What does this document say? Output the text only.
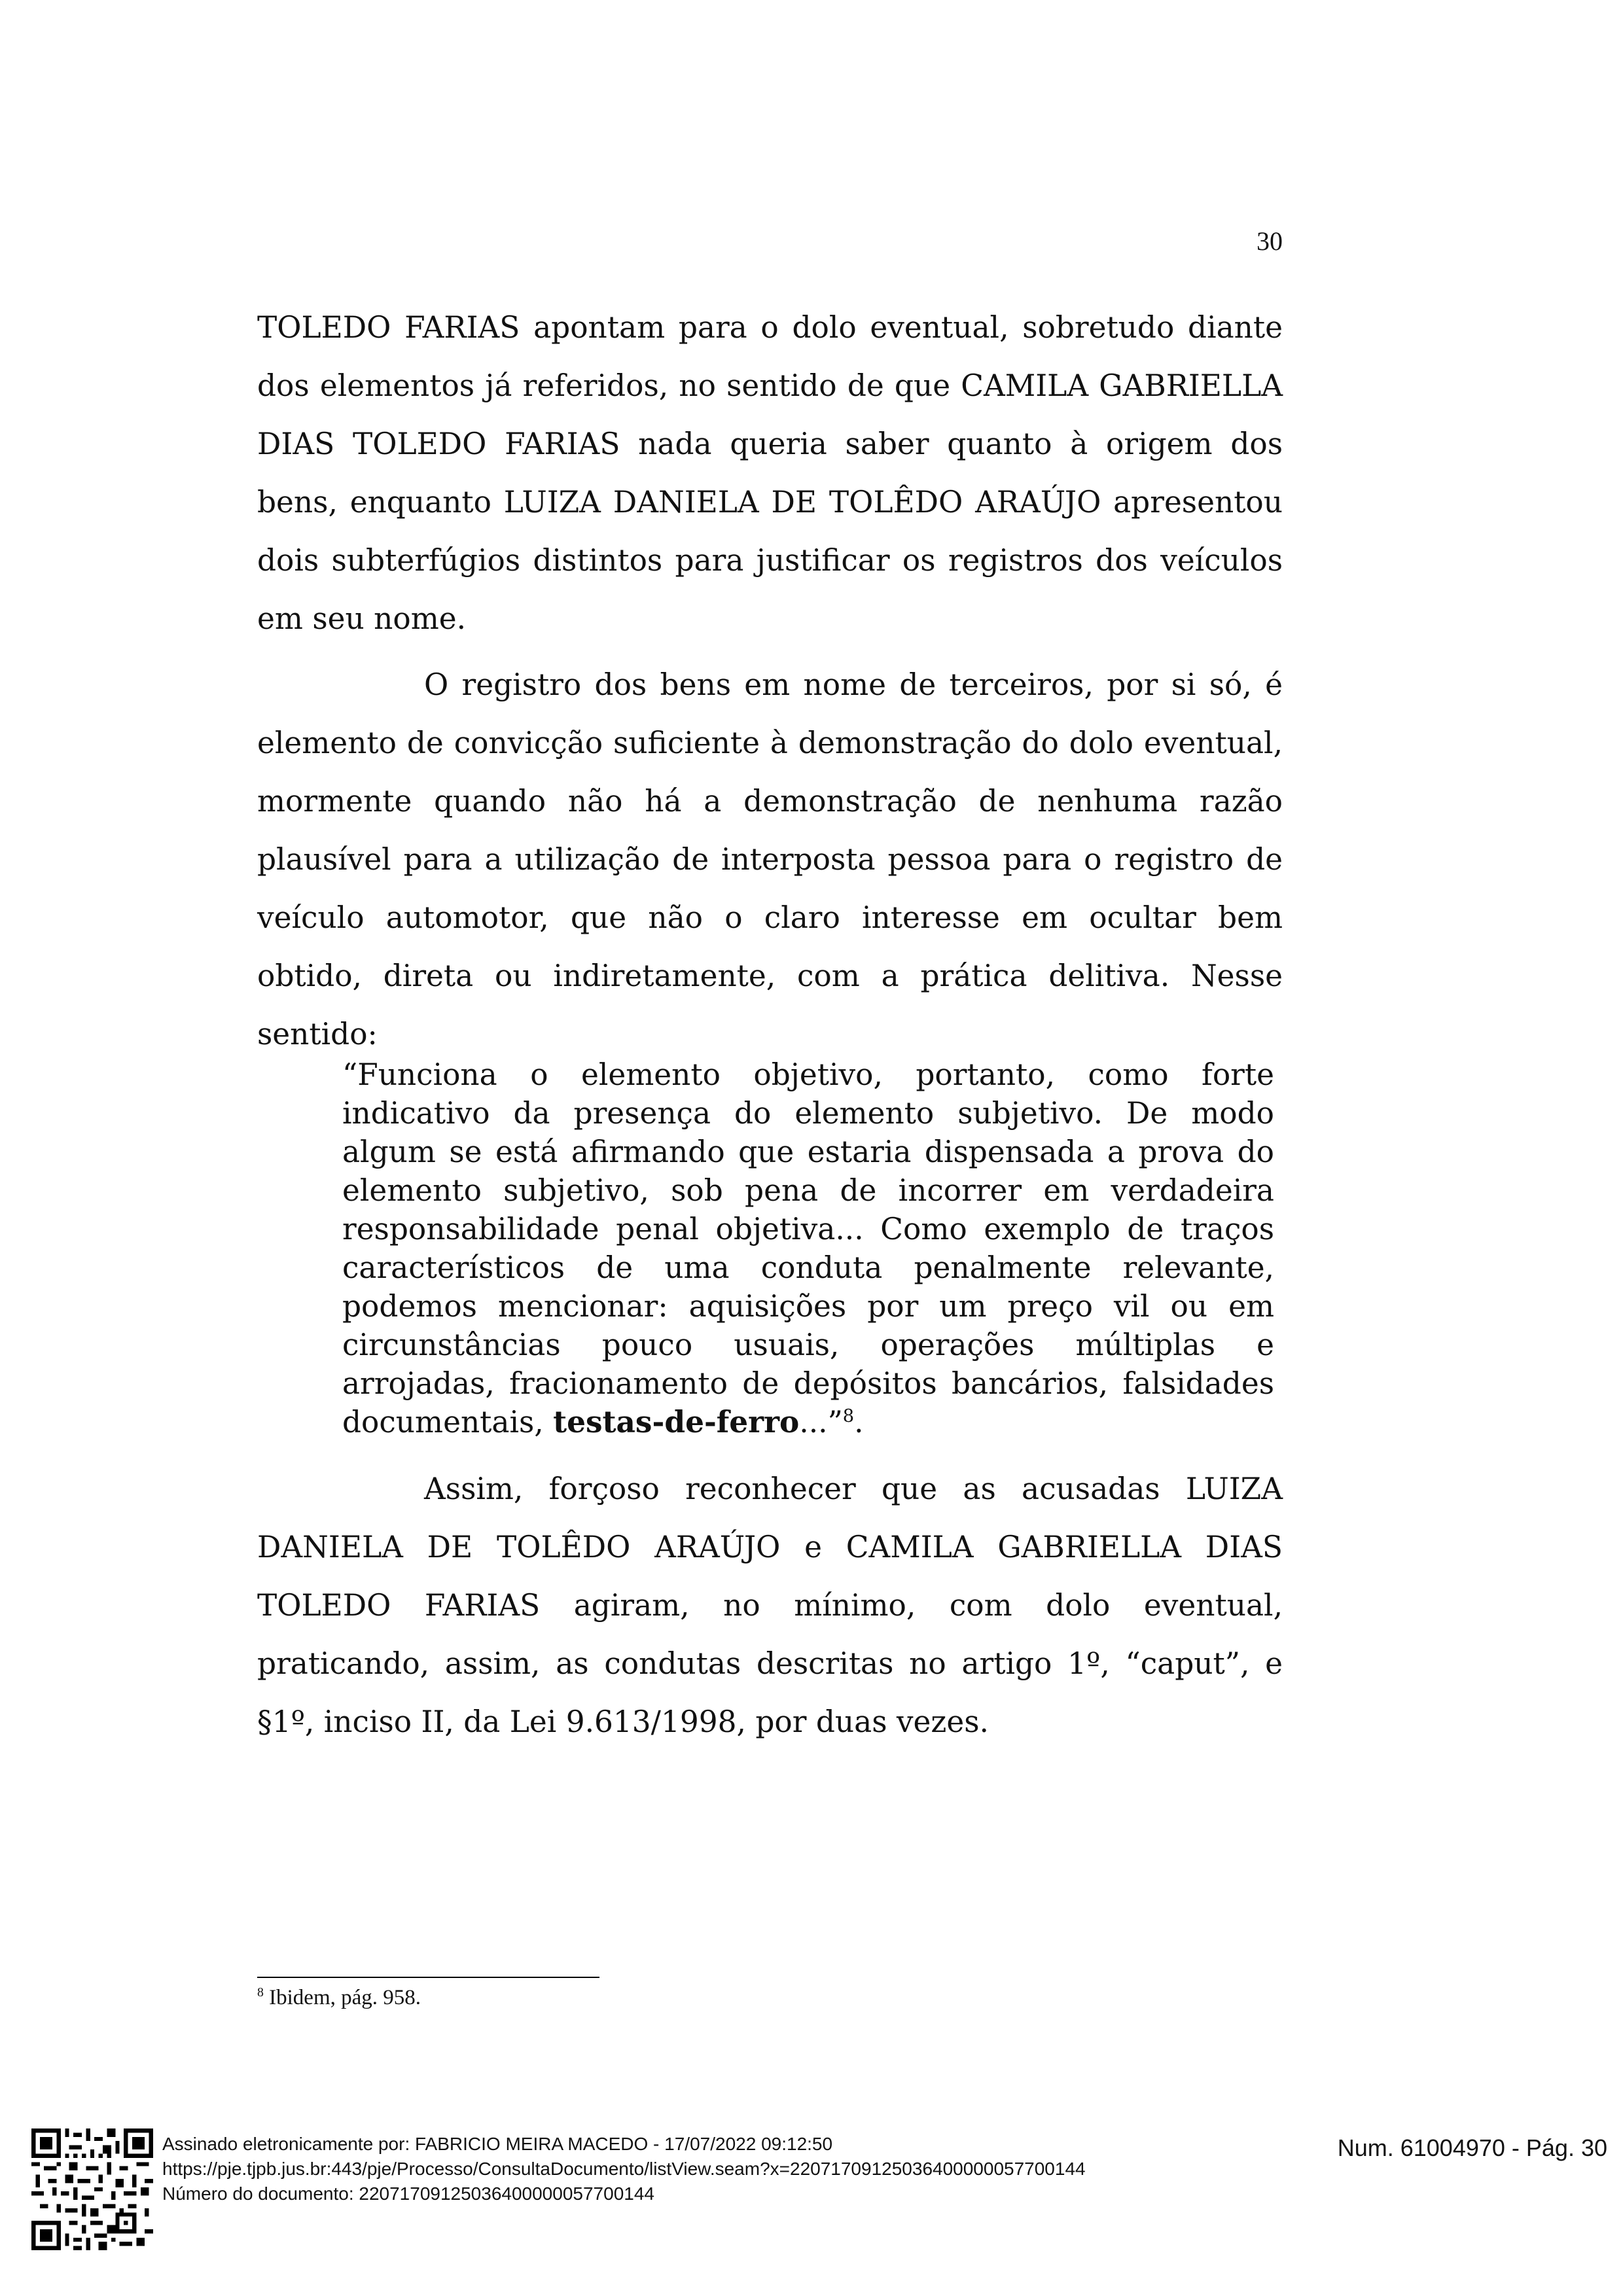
30

TOLEDO FARIAS apontam para o dolo eventual, sobretudo diante dos elementos já referidos, no sentido de que CAMILA GABRIELLA DIAS TOLEDO FARIAS nada queria saber quanto à origem dos bens, enquanto LUIZA DANIELA DE TOLÊDO ARAÚJO apresentou dois subterfúgios distintos para justificar os registros dos veículos em seu nome.

O registro dos bens em nome de terceiros, por si só, é elemento de convicção suficiente à demonstração do dolo eventual, mormente quando não há a demonstração de nenhuma razão plausível para a utilização de interposta pessoa para o registro de veículo automotor, que não o claro interesse em ocultar bem obtido, direta ou indiretamente, com a prática delitiva. Nesse sentido:

“Funciona o elemento objetivo, portanto, como forte indicativo da presença do elemento subjetivo. De modo algum se está afirmando que estaria dispensada a prova do elemento subjetivo, sob pena de incorrer em verdadeira responsabilidade penal objetiva... Como exemplo de traços característicos de uma conduta penalmente relevante, podemos mencionar: aquisições por um preço vil ou em circunstâncias pouco usuais, operações múltiplas e arrojadas, fracionamento de depósitos bancários, falsidades documentais, testas-de-ferro...”$^8$.

Assim, forçoso reconhecer que as acusadas LUIZA DANIELA DE TOLÊDO ARAÚJO e CAMILA GABRIELLA DIAS TOLEDO FARIAS agiram, no mínimo, com dolo eventual, praticando, assim, as condutas descritas no artigo 1º, “caput”, e §1º, inciso II, da Lei 9.613/1998, por duas vezes.

$^8$ Ibidem, pág. 958.

Assinado eletronicamente por: FABRICIO MEIRA MACEDO - 17/07/2022 09:12:50
https://pje.tjpb.jus.br:443/pje/Processo/ConsultaDocumento/listView.seam?x=22071709125036400000057700144
Número do documento: 22071709125036400000057700144
Num. 61004970 - Pág. 30
